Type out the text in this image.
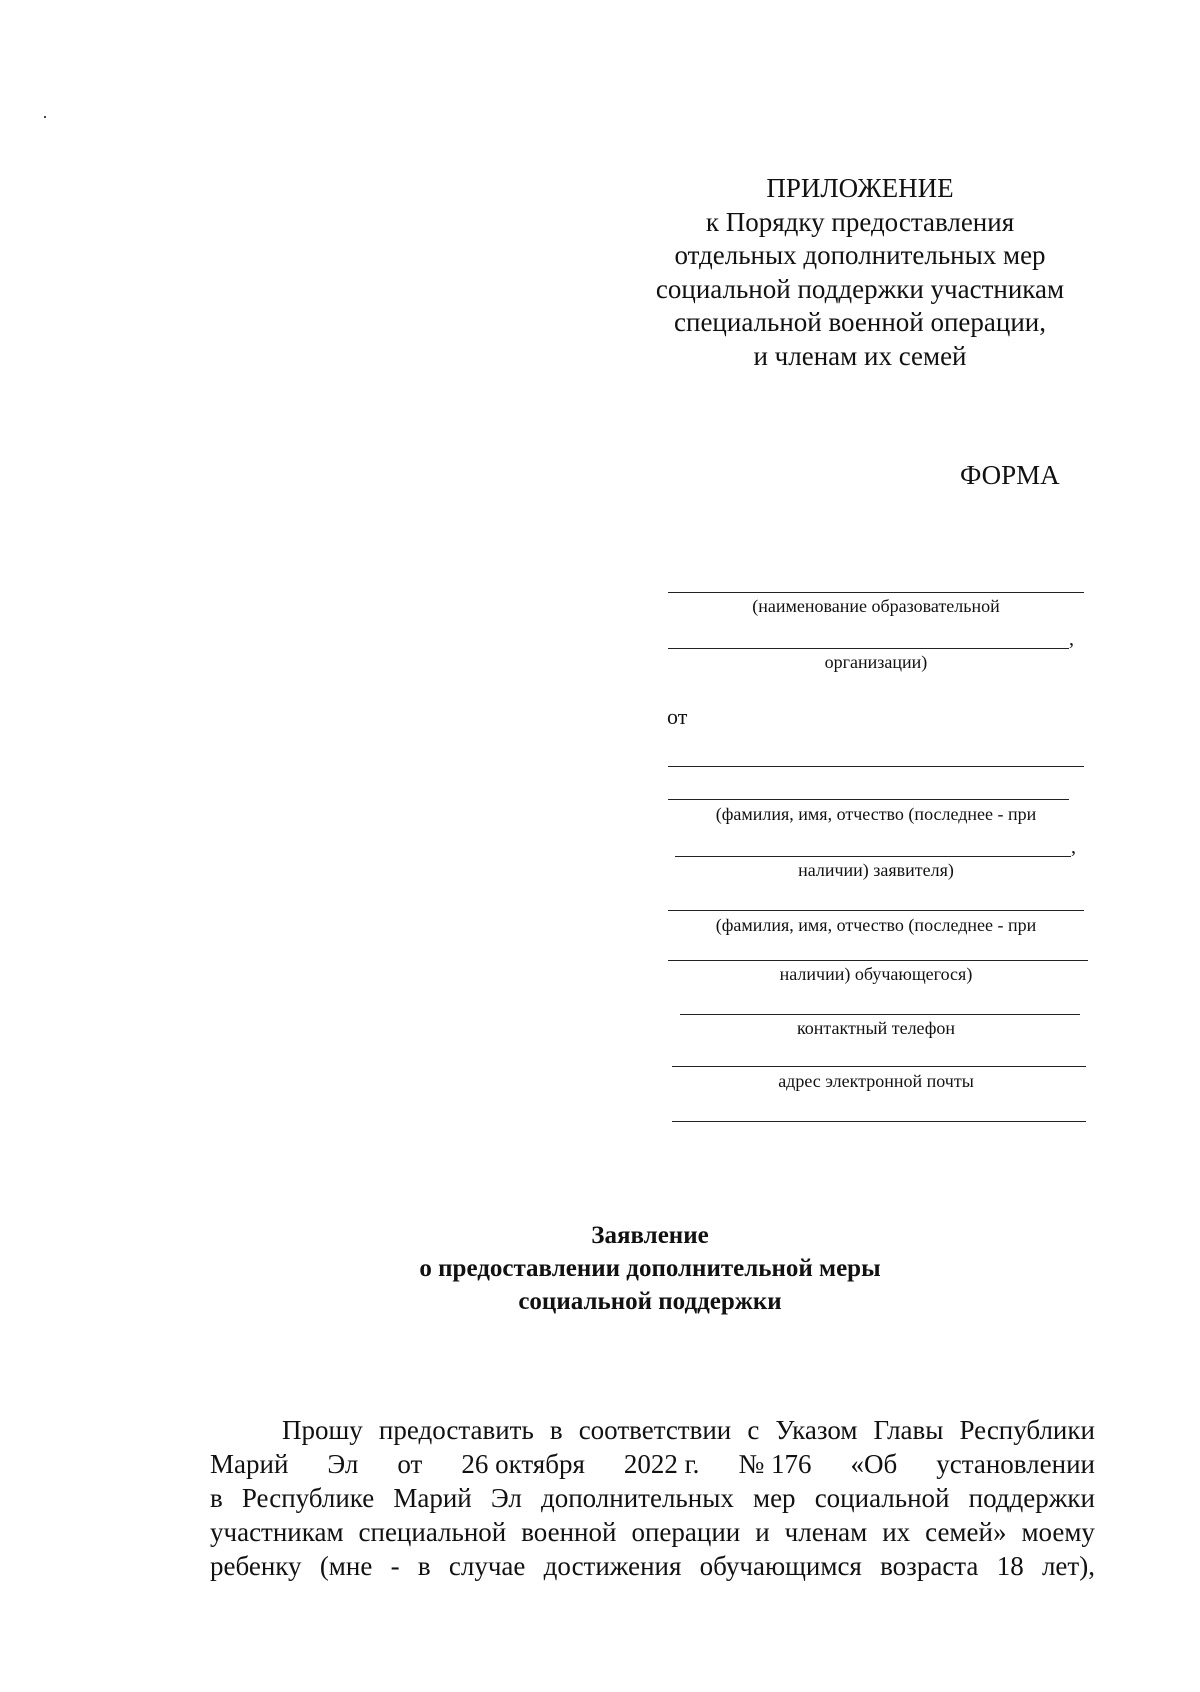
ПРИЛОЖЕНИЕ
к Порядку предоставления
отдельных дополнительных мер
социальной поддержки участникам
специальной военной операции,
и членам их семей
ФОРМА
(наименование образовательной
,
организации)
от
(фамилия, имя, отчество (последнее - при
,
наличии) заявителя)
(фамилия, имя, отчество (последнее - при
наличии) обучающегося)
контактный телефон
адрес электронной почты
Заявление
о предоставлении дополнительной меры
социальной поддержки
Прошу предоставить в соответствии с Указом Главы Республики
Марий Эл от 26 октября 2022 г. № 176 «Об установлении
в Республике Марий Эл дополнительных мер социальной поддержки
участникам специальной военной операции и членам их семей» моему
ребенку (мне - в случае достижения обучающимся возраста 18 лет),
